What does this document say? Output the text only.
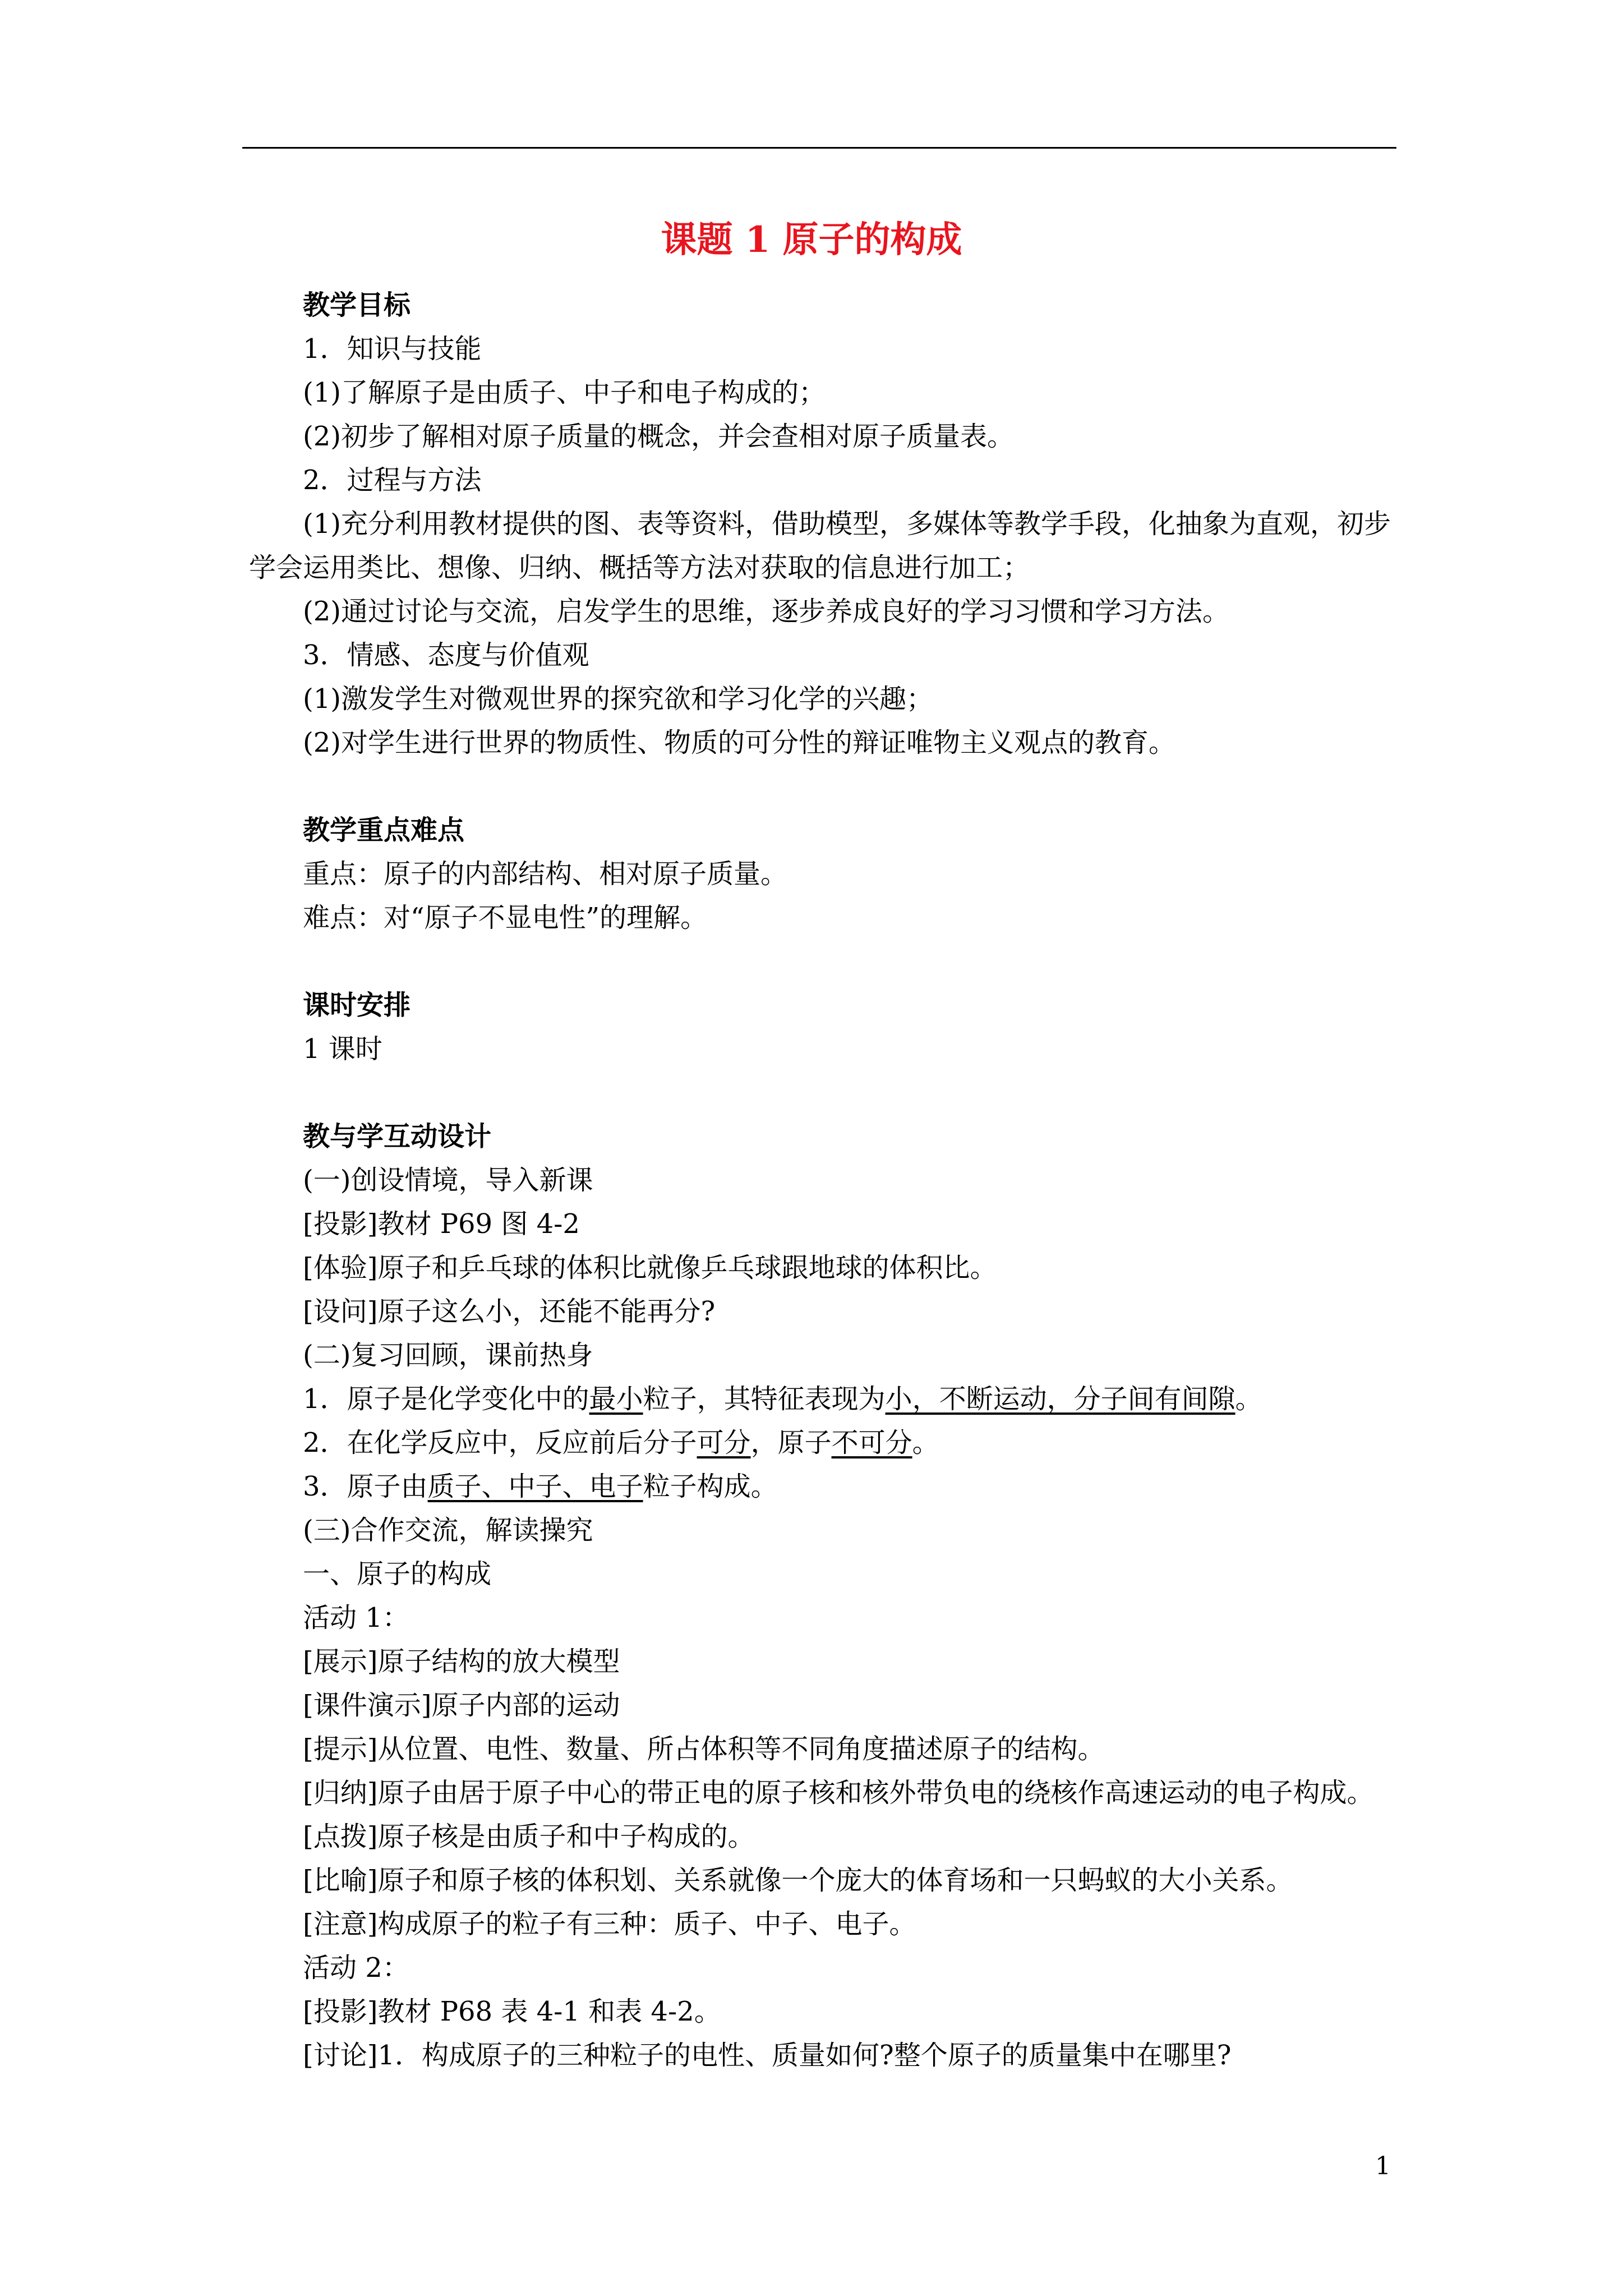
课题 1 原子的构成

教学目标

1．知识与技能

(1)了解原子是由质子、中子和电子构成的；

(2)初步了解相对原子质量的概念，并会查相对原子质量表。

2．过程与方法

(1)充分利用教材提供的图、表等资料，借助模型，多媒体等教学手段，化抽象为直观，初步学会运用类比、想像、归纳、概括等方法对获取的信息进行加工；

(2)通过讨论与交流，启发学生的思维，逐步养成良好的学习习惯和学习方法。

3．情感、态度与价值观

(1)激发学生对微观世界的探究欲和学习化学的兴趣；

(2)对学生进行世界的物质性、物质的可分性的辩证唯物主义观点的教育。

教学重点难点

重点：原子的内部结构、相对原子质量。

难点：对“原子不显电性”的理解。

课时安排

1 课时

教与学互动设计

(一)创设情境，导入新课

[投影]教材 P69 图 4-2

[体验]原子和乒乓球的体积比就像乒乓球跟地球的体积比。

[设问]原子这么小，还能不能再分?

(二)复习回顾，课前热身

1．原子是化学变化中的最小粒子，其特征表现为小，不断运动，分子间有间隙。

2．在化学反应中，反应前后分子可分，原子不可分。

3．原子由质子、中子、电子粒子构成。

(三)合作交流，解读操究

一、原子的构成

活动 1：

[展示]原子结构的放大模型

[课件演示]原子内部的运动

[提示]从位置、电性、数量、所占体积等不同角度描述原子的结构。

[归纳]原子由居于原子中心的带正电的原子核和核外带负电的绕核作高速运动的电子构成。

[点拨]原子核是由质子和中子构成的。

[比喻]原子和原子核的体积划、关系就像一个庞大的体育场和一只蚂蚁的大小关系。

[注意]构成原子的粒子有三种：质子、中子、电子。

活动 2：

[投影]教材 P68 表 4-1 和表 4-2。

[讨论]1．构成原子的三种粒子的电性、质量如何?整个原子的质量集中在哪里?

1
